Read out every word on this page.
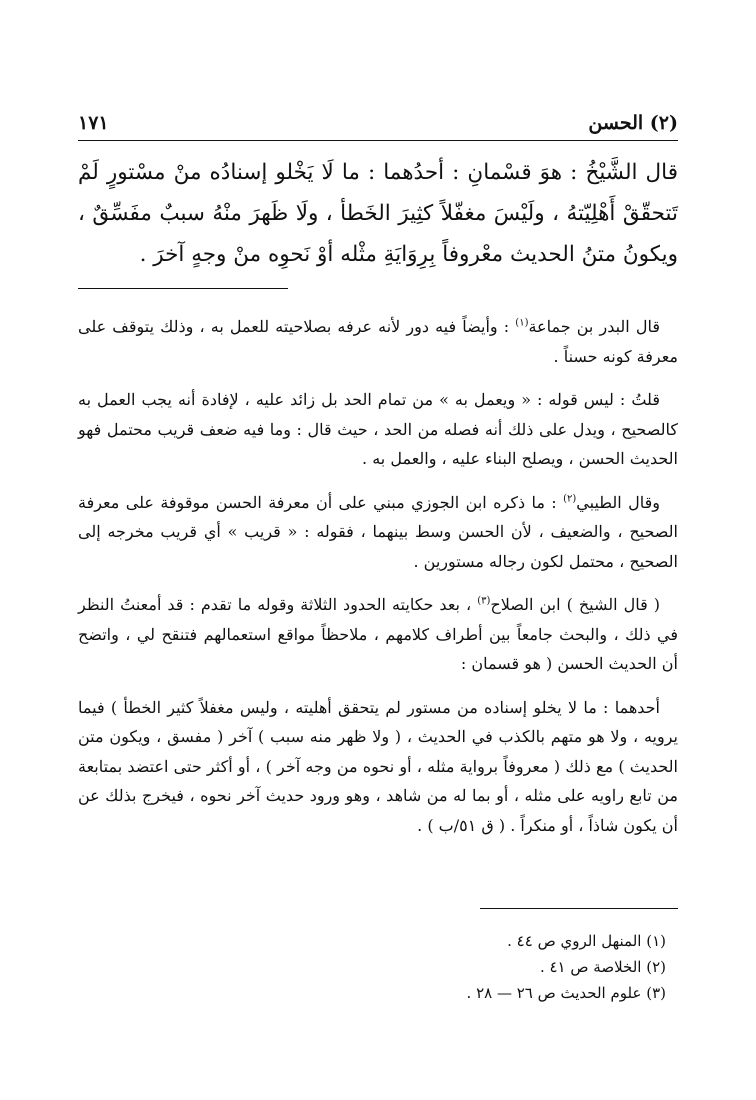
(٢) الحسن
١٧١

قال الشَّيْخُ : هوَ قسْمانِ : أحدُهما : ما لَا يَخْلو إسنادُه منْ مسْتورٍ لَمْ تَتحقّقْ أَهْلِيّتهُ ، ولَيْسَ مغفّلاً كثِيرَ الخَطأ ، ولَا ظَهرَ منْهُ سببٌ مفَسِّقٌ ، ويكونُ متنُ الحديث معْروفاً بِرِوَايَةِ مثْله أوْ نَحوِه منْ وجهٍ آخرَ .

قال البدر بن جماعة$^{(١)}$ : وأيضاً فيه دور لأنه عرفه بصلاحيته للعمل به ، وذلك يتوقف على معرفة كونه حسناً .

قلتُ : ليس قوله : « ويعمل به » من تمام الحد بل زائد عليه ، لإفادة أنه يجب العمل به كالصحيح ، ويدل على ذلك أنه فصله من الحد ، حيث قال : وما فيه ضعف قريب محتمل فهو الحديث الحسن ، ويصلح البناء عليه ، والعمل به .

وقال الطيبي$^{(٢)}$ : ما ذكره ابن الجوزي مبني على أن معرفة الحسن موقوفة على معرفة الصحيح ، والضعيف ، لأن الحسن وسط بينهما ، فقوله : « قريب » أي قريب مخرجه إلى الصحيح ، محتمل لكون رجاله مستورين .

( قال الشيخ ) ابن الصلاح$^{(٣)}$ ، بعد حكايته الحدود الثلاثة وقوله ما تقدم : قد أمعنتُ النظر في ذلك ، والبحث جامعاً بين أطراف كلامهم ، ملاحظاً مواقع استعمالهم فتنقح لي ، واتضح أن الحديث الحسن ( هو قسمان :

أحدهما : ما لا يخلو إسناده من مستور لم يتحقق أهليته ، وليس مغفلاً كثير الخطأ ) فيما يرويه ، ولا هو متهم بالكذب في الحديث ، ( ولا ظهر منه سبب ) آخر ( مفسق ، ويكون متن الحديث ) مع ذلك ( معروفاً برواية مثله ، أو نحوه من وجه آخر ) ، أو أكثر حتى اعتضد بمتابعة من تابع راويه على مثله ، أو بما له من شاهد ، وهو ورود حديث آخر نحوه ، فيخرج بذلك عن أن يكون شاذاً ، أو منكراً . ( ق ٥١/ب ) .

(١) المنهل الروي ص ٤٤ .
(٢) الخلاصة ص ٤١ .
(٣) علوم الحديث ص ٢٦ — ٢٨ .
